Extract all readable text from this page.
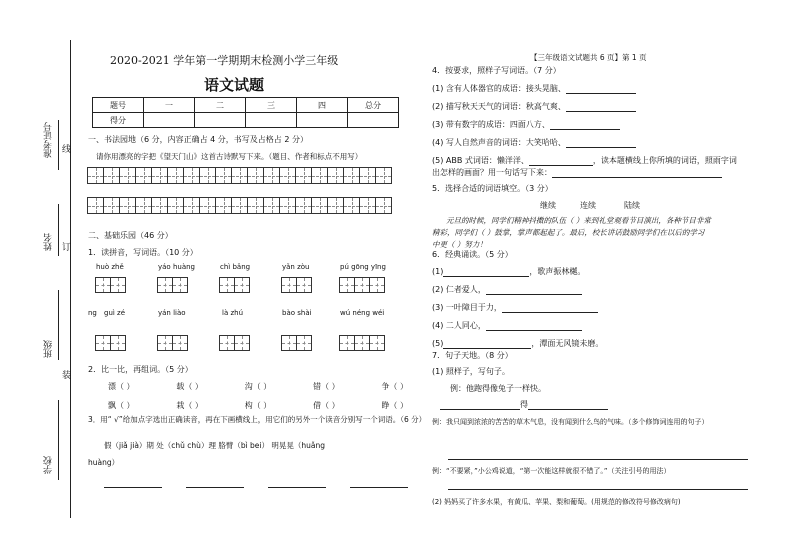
准考证号
姓名
班级
学校
线
订
装
2020-2021 学年第一学期期末检测小学三年级
语文试题
【三年级语文试题共 6 页】第 1 页
题号	一	二	三	四	总分
得分					
一、书法园地（6 分，内容正确占 4 分，书写及占格占 2 分）
请你用漂亮的字把《望天门山》这首古诗默写下来。（题目、作者和标点不用写）
二、基础乐园（46 分）
1．读拼音，写词语。（10 分）
huò zhě	yáo huàng	chì bǎng	yǎn zòu	pú gōng yīng
ng guì zé	yán liào	là zhú	bào shài	wú néng wéi
2．比一比，再组词。（5 分）
漂（ ）	载（ ）	沟（ ）	错（ ）	争（ ）
飘（ ）	栽（ ）	构（ ）	借（ ）	睁（ ）
3．用“ √”给加点字选出正确读音，再在下画横线上，用它们的另外一个读音分别写一个词语。（6 分）
假（jiǎ jià）期 处（chǔ chù）理 胳臂（bì bei） 明晃晃（huǎng
huàng）
4．按要求，照样子写词语。（7 分）
(1) 含有人体器官的成语：接头晃脑、
(2) 描写秋天天气的词语：秋高气爽、
(3) 带有数字的成语：四面八方、
(4) 写人自然声音的词语：大笑哈哈、
(5) ABB 式词语：懒洋洋、	，读本题横线上你所填的词语，照雨字词
出怎样的画面？用一句话写下来：
5．选择合适的词语填空。（3 分）
继续	连续	陆续
元旦的时候，同学们精神抖擞的队伍（ ）来到礼堂观看节目演出，各种节目非常
精彩，同学们（ ）鼓掌，掌声都起起了。最后，校长讲话鼓励同学们在以后的学习
中更（ ）努力！
6．经典诵读。（5 分）
(1)	，歌声振林樾。
(2) 仁者爱人，
(3) 一叶障目于力，
(4) 二人同心，
(5)	，潭面无风镜未磨。
7．句子天地。（8 分）
(1) 照样子，写句子。
例：他跑得像兔子一样快。
得
例：我只闻到浓浓的苦苦的草木气息，没有闻到什么鸟的气味。（多个修饰词连用的句子）
例：“不要紧，”小公鸡说道，“第一次能这样就很不错了。”（关注引号的用法）
(2) 妈妈买了许多水果，有黄瓜、苹果、梨和葡萄。(用规范的修改符号修改病句)
